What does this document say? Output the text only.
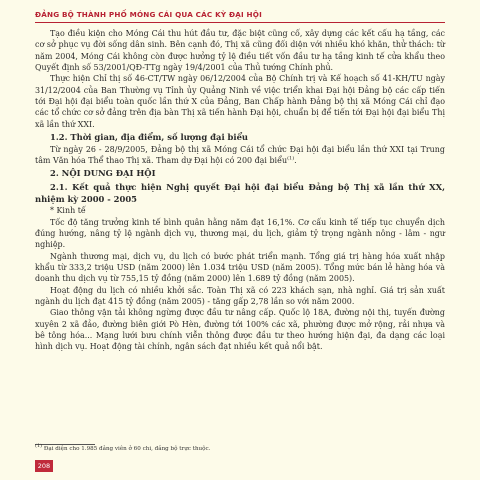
ĐẢNG BỘ THÀNH PHỐ MÓNG CÁI QUA CÁC KỲ ĐẠI HỘI

Tạo điều kiện cho Móng Cái thu hút đầu tư, đặc biệt cũng cố, xây dựng các kết cấu hạ tầng, các cơ sở phục vụ đời sống dân sinh. Bên cạnh đó, Thị xã cũng đối diện với nhiều khó khăn, thử thách: từ năm 2004, Móng Cái không còn được hưởng tỷ lệ điều tiết vốn đầu tư hạ tầng kinh tế cửa khẩu theo Quyết định số 53/2001/QĐ-TTg ngày 19/4/2001 của Thủ tướng Chính phủ.

Thực hiện Chỉ thị số 46-CT/TW ngày 06/12/2004 của Bộ Chính trị và Kế hoạch số 41-KH/TU ngày 31/12/2004 của Ban Thường vụ Tỉnh ủy Quảng Ninh về việc triển khai Đại hội Đảng bộ các cấp tiến tới Đại hội đại biểu toàn quốc lần thứ X của Đảng, Ban Chấp hành Đảng bộ thị xã Móng Cái chỉ đạo các tổ chức cơ sở đảng trên địa bàn Thị xã tiến hành Đại hội, chuẩn bị để tiến tới Đại hội đại biểu Thị xã lần thứ XXI.

1.2. Thời gian, địa điểm, số lượng đại biểu

Từ ngày 26 - 28/9/2005, Đảng bộ thị xã Móng Cái tổ chức Đại hội đại biểu lần thứ XXI tại Trung tâm Văn hóa Thể thao Thị xã. Tham dự Đại hội có 200 đại biểu$^{(1)}$.

2. NỘI DUNG ĐẠI HỘI
2.1. Kết quả thực hiện Nghị quyết Đại hội đại biểu Đảng bộ Thị xã lần thứ XX, nhiệm kỳ 2000 - 2005

* Kinh tế

Tốc độ tăng trưởng kinh tế bình quân hằng năm đạt 16,1%. Cơ cấu kinh tế tiếp tục chuyển dịch đúng hướng, nâng tỷ lệ ngành dịch vụ, thương mại, du lịch, giảm tỷ trọng ngành nông - lâm - ngư nghiệp.

Ngành thương mại, dịch vụ, du lịch có bước phát triển mạnh. Tổng giá trị hàng hóa xuất nhập khẩu từ 333,2 triệu USD (năm 2000) lên 1.034 triệu USD (năm 2005). Tổng mức bán lẻ hàng hóa và doanh thu dịch vụ từ 755,15 tỷ đồng (năm 2000) lên 1.689 tỷ đồng (năm 2005).

Hoạt động du lịch có nhiều khởi sắc. Toàn Thị xã có 223 khách sạn, nhà nghỉ. Giá trị sản xuất ngành du lịch đạt 415 tỷ đồng (năm 2005) - tăng gấp 2,78 lần so với năm 2000.

Giao thông vận tải không ngừng được đầu tư nâng cấp. Quốc lộ 18A, đường nội thị, tuyến đường xuyên 2 xã đảo, đường biên giới Pò Hèn, đường tới 100% các xã, phường được mở rộng, rải nhựa và bê tông hóa... Mạng lưới bưu chính viễn thông được đầu tư theo hướng hiện đại, đa dạng các loại hình dịch vụ. Hoạt động tài chính, ngân sách đạt nhiều kết quả nổi bật.

$^{(1)}$ Đại diện cho 1.985 đảng viên ở 60 chi, đảng bộ trực thuộc.
208
